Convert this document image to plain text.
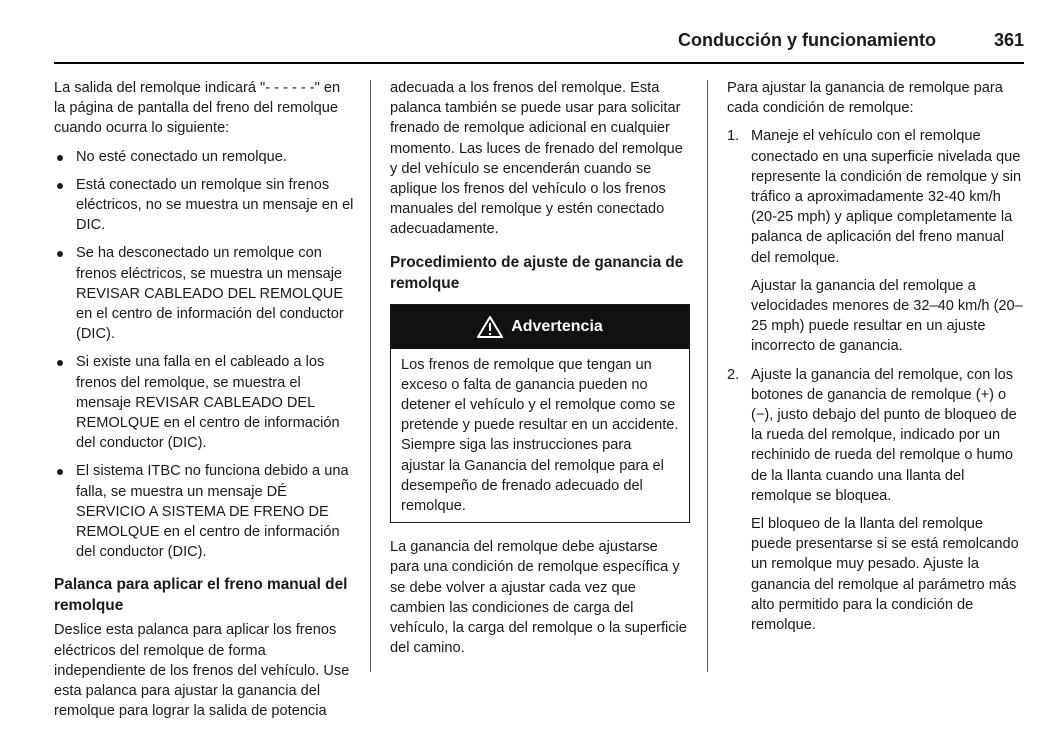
Conducción y funcionamiento	361

La salida del remolque indicará "- - - - - -" en la página de pantalla del freno del remolque cuando ocurra lo siguiente:

No esté conectado un remolque.
Está conectado un remolque sin frenos eléctricos, no se muestra un mensaje en el DIC.
Se ha desconectado un remolque con frenos eléctricos, se muestra un mensaje REVISAR CABLEADO DEL REMOLQUE en el centro de información del conductor (DIC).
Si existe una falla en el cableado a los frenos del remolque, se muestra el mensaje REVISAR CABLEADO DEL REMOLQUE en el centro de información del conductor (DIC).
El sistema ITBC no funciona debido a una falla, se muestra un mensaje DÉ SERVICIO A SISTEMA DE FRENO DE REMOLQUE en el centro de información del conductor (DIC).
Palanca para aplicar el freno manual del remolque

Deslice esta palanca para aplicar los frenos eléctricos del remolque de forma independiente de los frenos del vehículo. Use esta palanca para ajustar la ganancia del remolque para lograr la salida de potencia

adecuada a los frenos del remolque. Esta palanca también se puede usar para solicitar frenado de remolque adicional en cualquier momento. Las luces de frenado del remolque y del vehículo se encenderán cuando se aplique los frenos del vehículo o los frenos manuales del remolque y estén conectado adecuadamente.

Procedimiento de ajuste de ganancia de remolque
Advertencia
Los frenos de remolque que tengan un exceso o falta de ganancia pueden no detener el vehículo y el remolque como se pretende y puede resultar en un accidente. Siempre siga las instrucciones para ajustar la Ganancia del remolque para el desempeño de frenado adecuado del remolque.

La ganancia del remolque debe ajustarse para una condición de remolque específica y se debe volver a ajustar cada vez que cambien las condiciones de carga del vehículo, la carga del remolque o la superficie del camino.

Para ajustar la ganancia de remolque para cada condición de remolque:

1. Maneje el vehículo con el remolque conectado en una superficie nivelada que represente la condición de remolque y sin tráfico a aproximadamente 32-40 km/h (20-25 mph) y aplique completamente la palanca de aplicación del freno manual del remolque.

Ajustar la ganancia del remolque a velocidades menores de 32–40 km/h (20–25 mph) puede resultar en un ajuste incorrecto de ganancia.

2. Ajuste la ganancia del remolque, con los botones de ganancia de remolque (+) o (−), justo debajo del punto de bloqueo de la rueda del remolque, indicado por un rechinido de rueda del remolque o humo de la llanta cuando una llanta del remolque se bloquea.

El bloqueo de la llanta del remolque puede presentarse si se está remolcando un remolque muy pesado. Ajuste la ganancia del remolque al parámetro más alto permitido para la condición de remolque.
